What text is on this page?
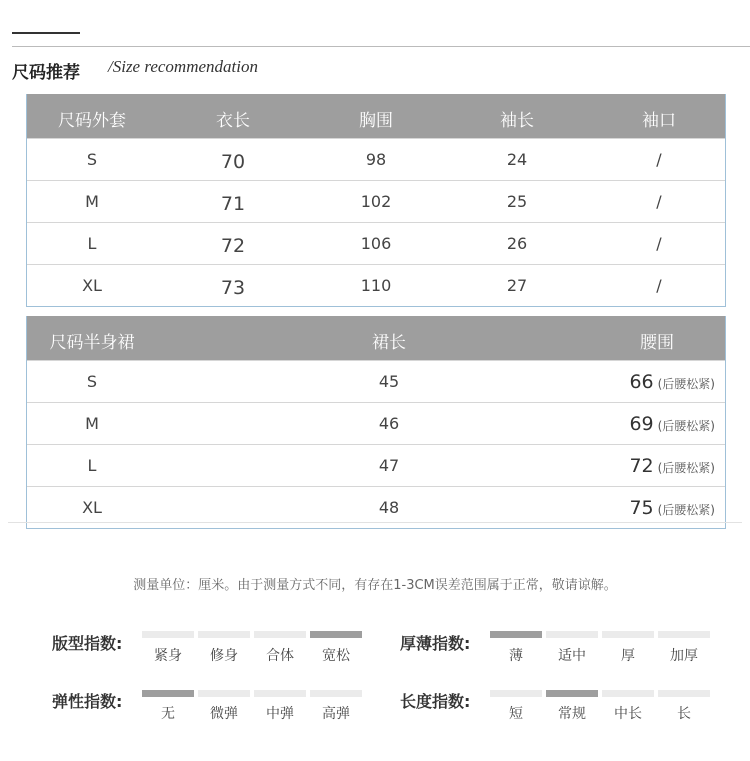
尺码推荐 /Size recommendation
尺码外套	衣长	胸围	袖长	袖口
S	70	98	24	/
M	71	102	25	/
L	72	106	26	/
XL	73	110	27	/
尺码半身裙	裙长	腰围
S	45	66 (后腰松紧)
M	46	69 (后腰松紧)
L	47	72 (后腰松紧)
XL	48	75 (后腰松紧)
测量单位：厘米。由于测量方式不同，有存在1-3CM误差范围属于正常，敬请谅解。
版型指数:
紧身 修身 合体 宽松
厚薄指数:
薄	适中	厚	加厚
弹性指数:
无	微弹 中弹 高弹
长度指数:
短	常规 中长	长
